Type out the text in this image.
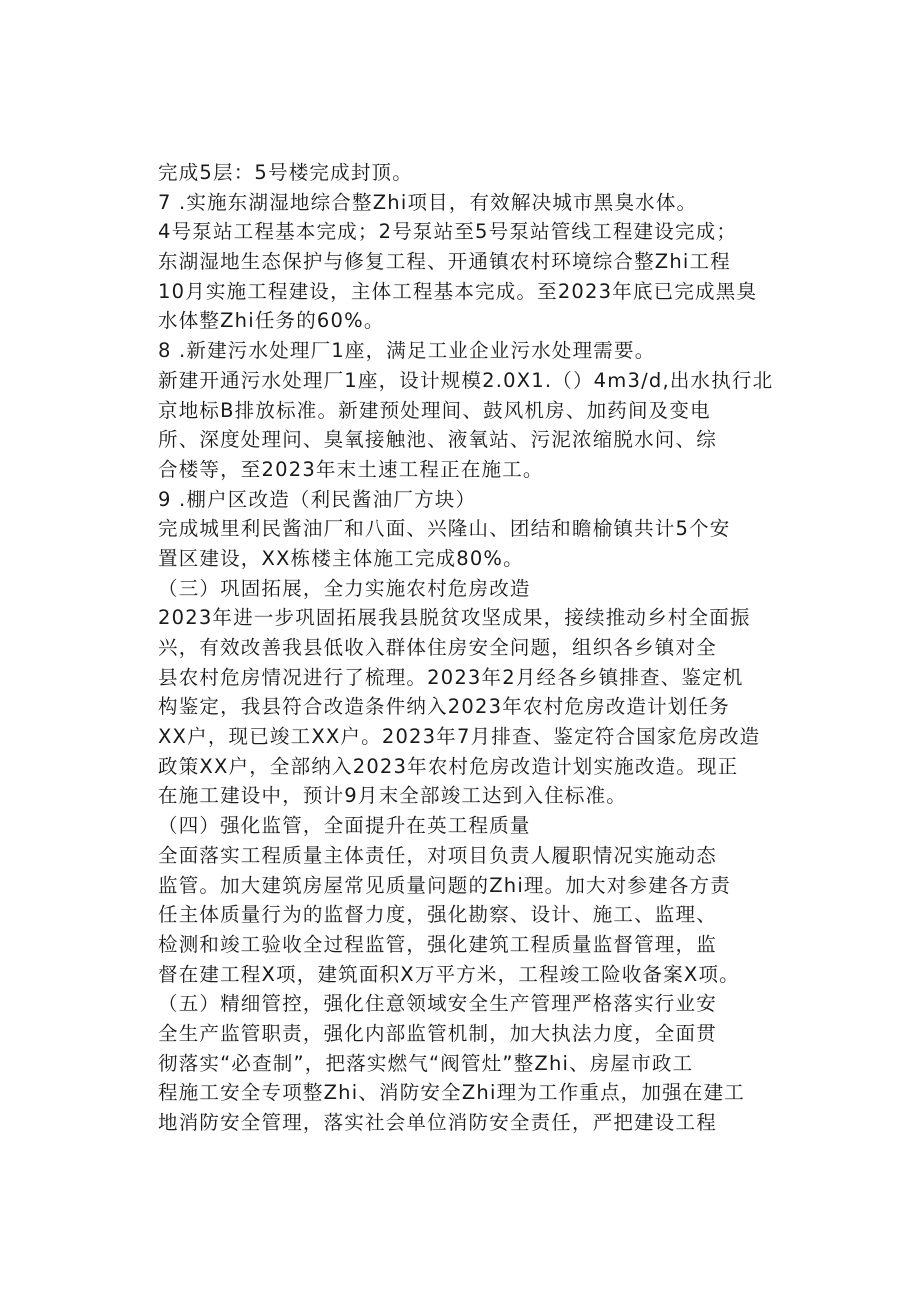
完成5层：5号楼完成封顶。
7 .实施东湖湿地综合整Zhi项目，有效解决城市黑臭水体。
4号泵站工程基本完成；2号泵站至5号泵站管线工程建设完成；
东湖湿地生态保护与修复工程、开通镇农村环境综合整Zhi工程
10月实施工程建设，主体工程基本完成。至2023年底已完成黑臭
水体整Zhi任务的60%。
8 .新建污水处理厂1座，满足工业企业污水处理需要。
新建开通污水处理厂1座，设计规模2.0X1.（）4m3∕d,出水执行北
京地标B排放标准。新建预处理间、鼓风机房、加药间及变电
所、深度处理问、臭氧接触池、液氧站、污泥浓缩脱水问、综
合楼等，至2023年末土速工程正在施工。
9 .棚户区改造（利民酱油厂方块）
完成城里利民酱油厂和八面、兴隆山、团结和瞻榆镇共计5个安
置区建设，XX栋楼主体施工完成80%。
（三）巩固拓展，全力实施农村危房改造
2023年进一步巩固拓展我县脱贫攻坚成果，接续推动乡村全面振
兴，有效改善我县低收入群体住房安全问题，组织各乡镇对全
县农村危房情况进行了梳理。2023年2月经各乡镇排查、鉴定机
构鉴定，我县符合改造条件纳入2023年农村危房改造计划任务
XX户，现已竣工XX户。2023年7月排查、鉴定符合国家危房改造
政策XX户，全部纳入2023年农村危房改造计划实施改造。现正
在施工建设中，预计9月末全部竣工达到入住标准。
（四）强化监管，全面提升在英工程质量
全面落实工程质量主体责任，对项目负责人履职情况实施动态
监管。加大建筑房屋常见质量问题的Zhi理。加大对参建各方责
任主体质量行为的监督力度，强化勘察、设计、施工、监理、
检测和竣工验收全过程监管，强化建筑工程质量监督管理，监
督在建工程X项，建筑面积X万平方米，工程竣工险收备案X项。
（五）精细管控，强化住意领域安全生产管理严格落实行业安
全生产监管职责，强化内部监管机制，加大执法力度，全面贯
彻落实“必查制”，把落实燃气“阀管灶”整Zhi、房屋市政工
程施工安全专项整Zhi、消防安全Zhi理为工作重点，加强在建工
地消防安全管理，落实社会单位消防安全责任，严把建设工程
